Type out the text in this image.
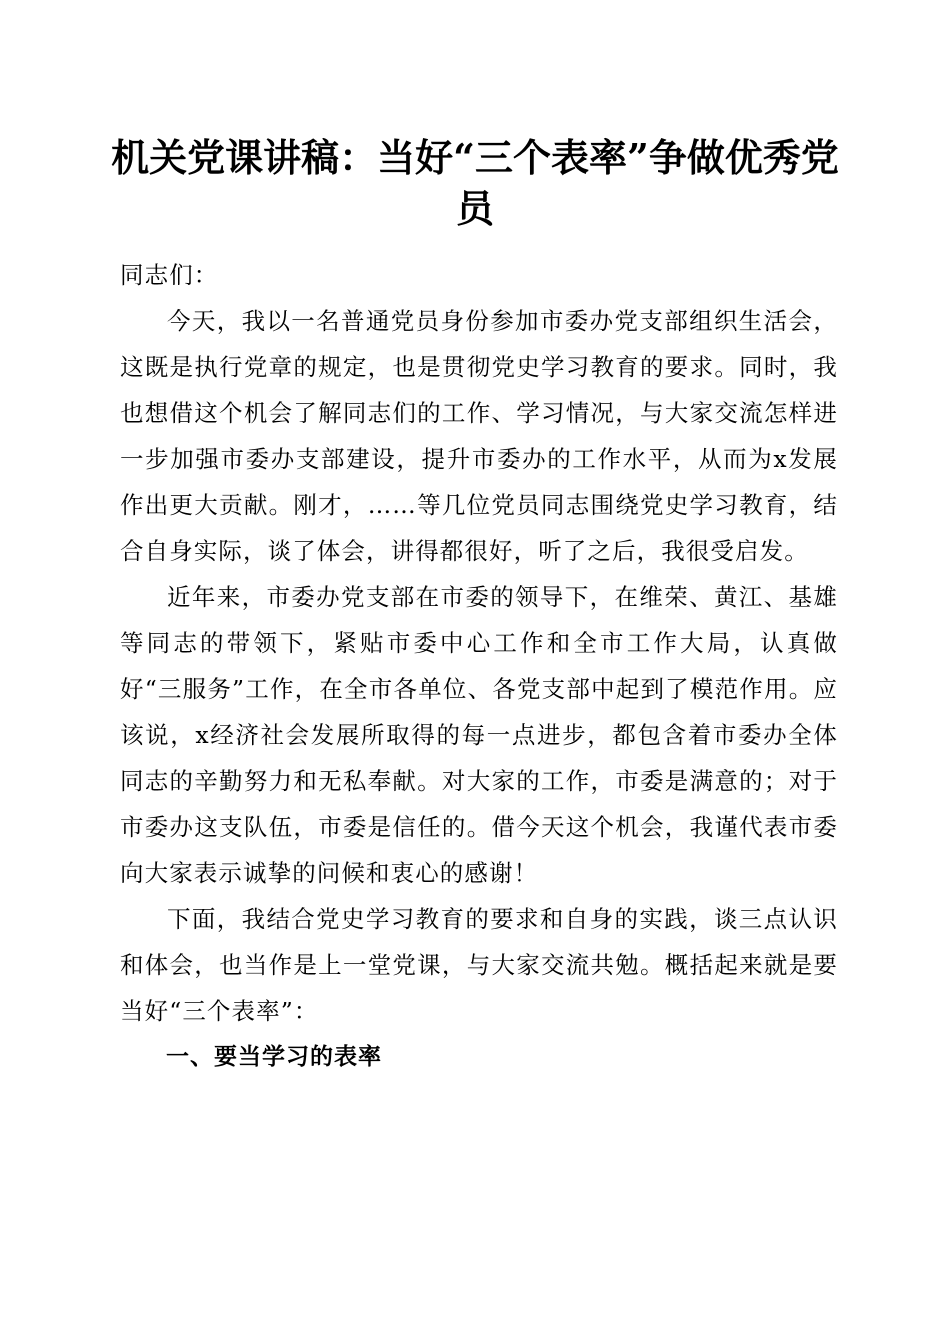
机关党课讲稿：当好“三个表率”争做优秀党员

同志们：

今天，我以一名普通党员身份参加市委办党支部组织生活会，这既是执行党章的规定，也是贯彻党史学习教育的要求。同时，我也想借这个机会了解同志们的工作、学习情况，与大家交流怎样进一步加强市委办支部建设，提升市委办的工作水平，从而为x发展作出更大贡献。刚才，……等几位党员同志围绕党史学习教育，结合自身实际，谈了体会，讲得都很好，听了之后，我很受启发。

近年来，市委办党支部在市委的领导下，在维荣、黄江、基雄等同志的带领下，紧贴市委中心工作和全市工作大局，认真做好“三服务”工作，在全市各单位、各党支部中起到了模范作用。应该说，x经济社会发展所取得的每一点进步，都包含着市委办全体同志的辛勤努力和无私奉献。对大家的工作，市委是满意的；对于市委办这支队伍，市委是信任的。借今天这个机会，我谨代表市委向大家表示诚挚的问候和衷心的感谢！

下面，我结合党史学习教育的要求和自身的实践，谈三点认识和体会，也当作是上一堂党课，与大家交流共勉。概括起来就是要当好“三个表率”：

一、要当学习的表率
